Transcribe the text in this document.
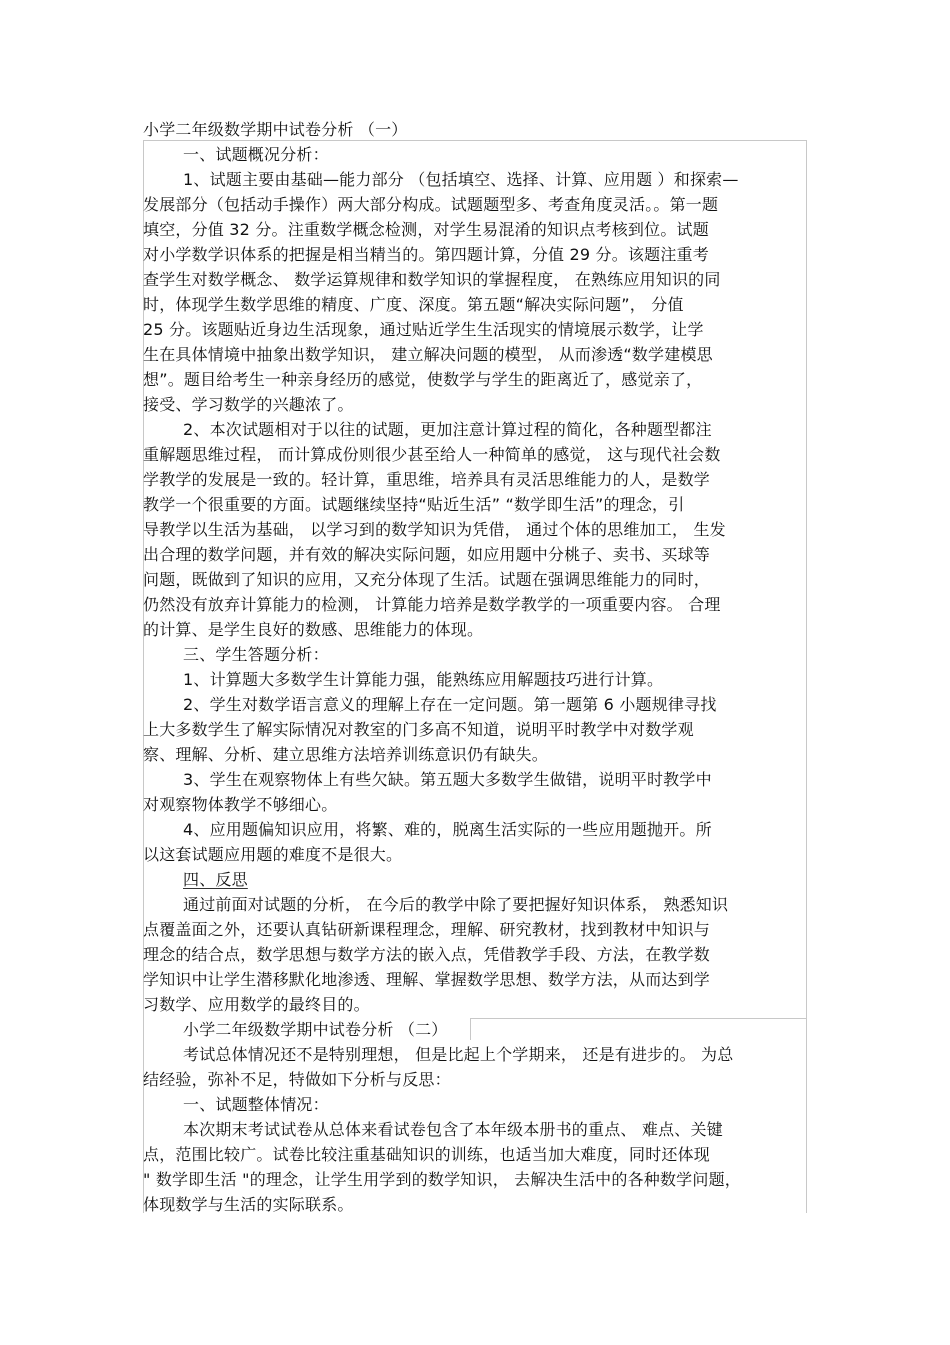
小学二年级数学期中试卷分析 （一）
一、试题概况分析：
1、试题主要由基础—能力部分 （包括填空、选择、计算、应用题 ）和探索—
发展部分（包括动手操作）两大部分构成。试题题型多、考查角度灵活。。第一题
填空，分值 32 分。注重数学概念检测，对学生易混淆的知识点考核到位。试题
对小学数学识体系的把握是相当精当的。第四题计算，分值 29 分。该题注重考
查学生对数学概念、 数学运算规律和数学知识的掌握程度， 在熟练应用知识的同
时，体现学生数学思维的精度、广度、深度。第五题“解决实际问题”， 分值
25 分。该题贴近身边生活现象，通过贴近学生生活现实的情境展示数学，让学
生在具体情境中抽象出数学知识， 建立解决问题的模型， 从而渗透“数学建模思
想”。题目给考生一种亲身经历的感觉，使数学与学生的距离近了，感觉亲了，
接受、学习数学的兴趣浓了。
2、本次试题相对于以往的试题，更加注意计算过程的简化，各种题型都注
重解题思维过程， 而计算成份则很少甚至给人一种简单的感觉， 这与现代社会数
学教学的发展是一致的。轻计算，重思维，培养具有灵活思维能力的人，是数学
教学一个很重要的方面。试题继续坚持“贴近生活” “数学即生活”的理念，引
导教学以生活为基础， 以学习到的数学知识为凭借， 通过个体的思维加工， 生发
出合理的数学问题，并有效的解决实际问题，如应用题中分桃子、卖书、买球等
问题，既做到了知识的应用，又充分体现了生活。试题在强调思维能力的同时，
仍然没有放弃计算能力的检测， 计算能力培养是数学教学的一项重要内容。 合理
的计算、是学生良好的数感、思维能力的体现。
三、学生答题分析：
1、计算题大多数学生计算能力强，能熟练应用解题技巧进行计算。
2、学生对数学语言意义的理解上存在一定问题。第一题第 6 小题规律寻找
上大多数学生了解实际情况对教室的门多高不知道，说明平时教学中对数学观
察、理解、分析、建立思维方法培养训练意识仍有缺失。
3、学生在观察物体上有些欠缺。第五题大多数学生做错，说明平时教学中
对观察物体教学不够细心。
4、应用题偏知识应用，将繁、难的，脱离生活实际的一些应用题抛开。所
以这套试题应用题的难度不是很大。
四、反思
通过前面对试题的分析， 在今后的教学中除了要把握好知识体系， 熟悉知识
点覆盖面之外，还要认真钻研新课程理念，理解、研究教材，找到教材中知识与
理念的结合点，数学思想与数学方法的嵌入点，凭借教学手段、方法，在教学数
学知识中让学生潜移默化地渗透、理解、掌握数学思想、数学方法，从而达到学
习数学、应用数学的最终目的。
小学二年级数学期中试卷分析 （二）
考试总体情况还不是特别理想， 但是比起上个学期来， 还是有进步的。 为总
结经验，弥补不足，特做如下分析与反思：
一、试题整体情况：
本次期末考试试卷从总体来看试卷包含了本年级本册书的重点、 难点、关键
点，范围比较广。试卷比较注重基础知识的训练，也适当加大难度，同时还体现
" 数学即生活 "的理念，让学生用学到的数学知识， 去解决生活中的各种数学问题，
体现数学与生活的实际联系。
